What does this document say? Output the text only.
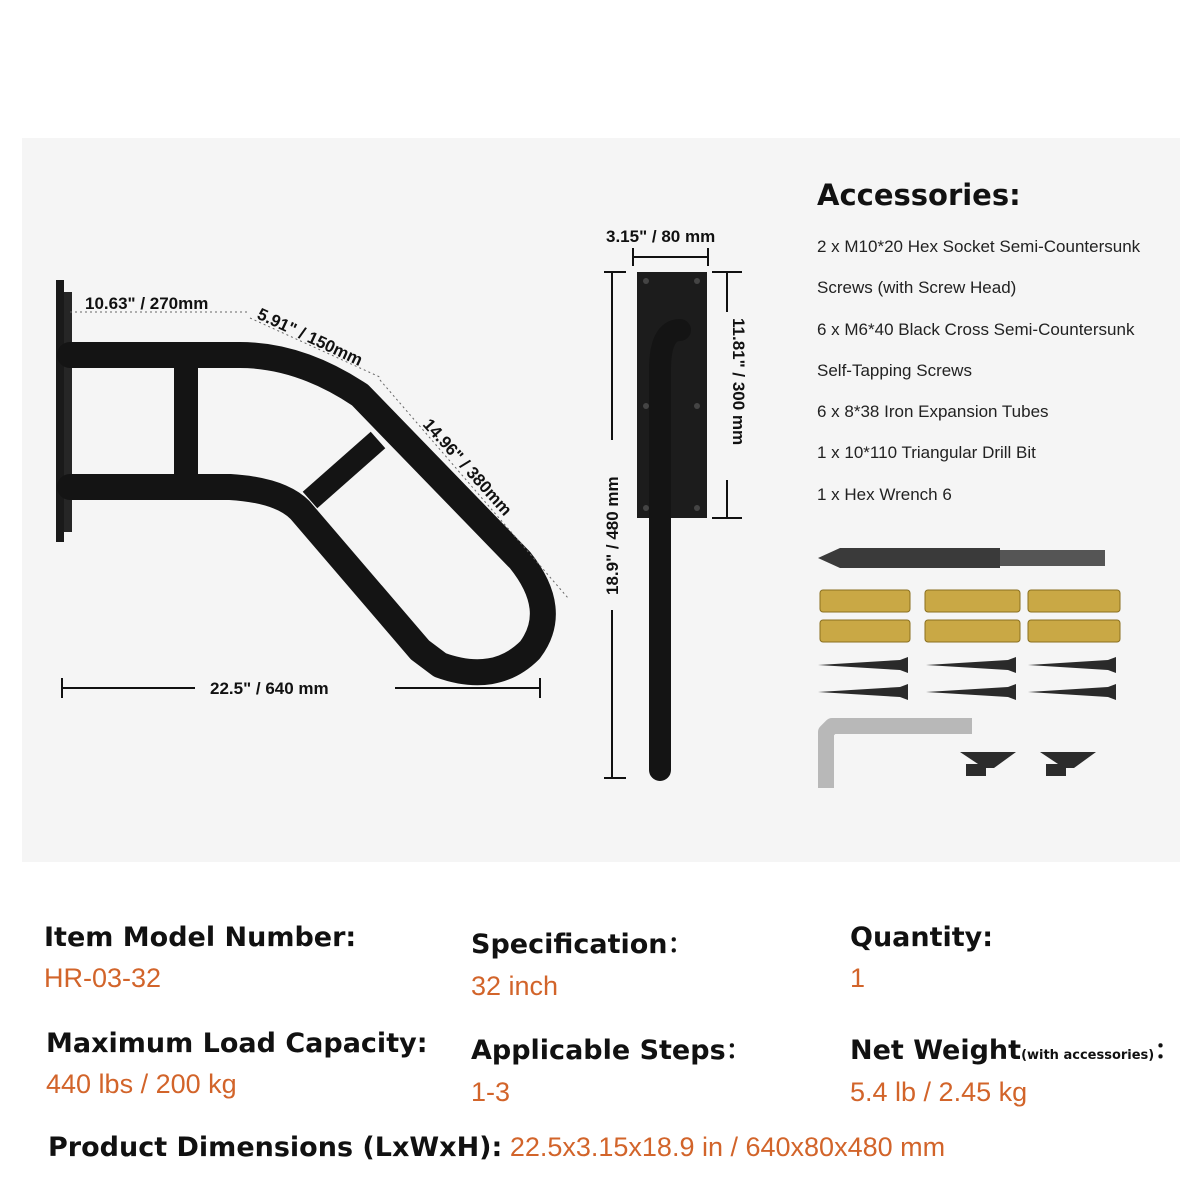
10.63" / 270mm
5.91" / 150mm
14.96" / 380mm
22.5" / 640 mm
3.15" / 80 mm
11.81" / 300 mm
18.9" / 480 mm
Accessories:
2 x M10*20 Hex Socket Semi-Countersunk
Screws (with Screw Head)
6 x M6*40 Black Cross Semi-Countersunk
Self-Tapping Screws
6 x 8*38 Iron Expansion Tubes
1 x 10*110 Triangular Drill Bit
1 x Hex Wrench 6
Item Model Number:
HR-03-32
Specification：
32 inch
Quantity:
1
Maximum Load Capacity:
440 lbs / 200 kg
Applicable Steps：
1-3
Net Weight(with accessories)：
5.4 lb / 2.45 kg
Product Dimensions (LxWxH): 22.5x3.15x18.9 in / 640x80x480 mm
